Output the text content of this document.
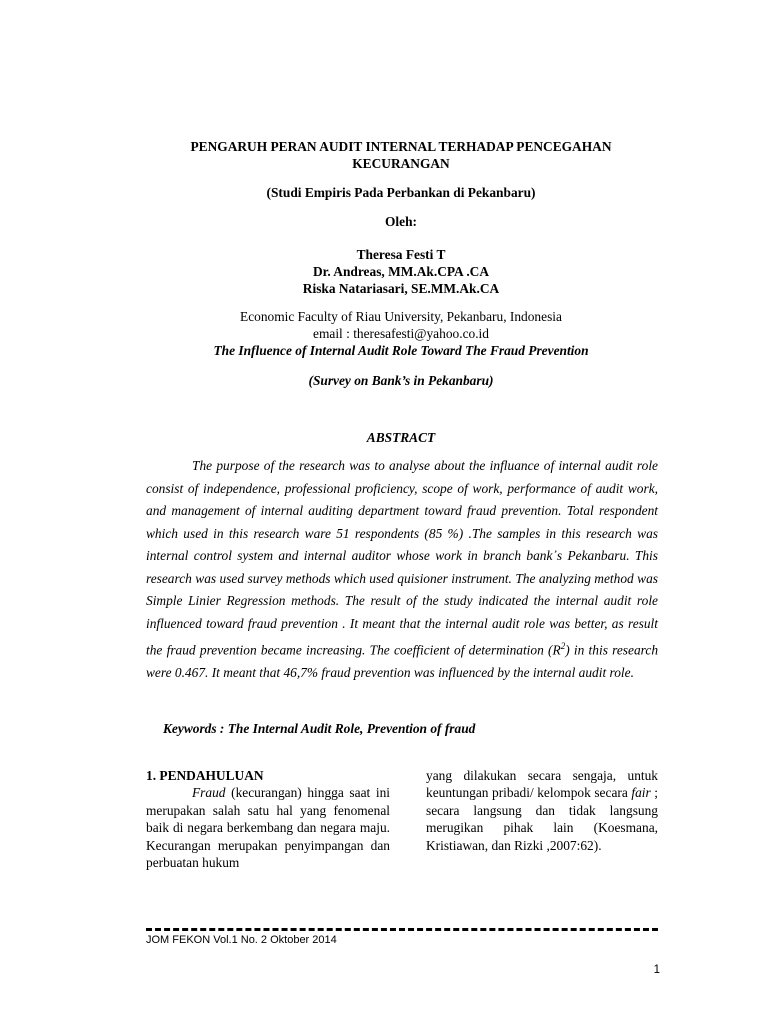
PENGARUH PERAN AUDIT INTERNAL TERHADAP PENCEGAHAN
KECURANGAN
(Studi Empiris Pada Perbankan di Pekanbaru)
Oleh:
Theresa Festi T
Dr. Andreas, MM.Ak.CPA .CA
Riska Natariasari, SE.MM.Ak.CA
Economic Faculty of Riau University, Pekanbaru, Indonesia
email : theresafesti@yahoo.co.id
The Influence of Internal Audit Role Toward The Fraud Prevention
(Survey on Bank’s in Pekanbaru)
ABSTRACT

The purpose of the research was to analyse about the influance of internal audit role consist of independence, professional proficiency, scope of work, performance of audit work, and management of internal auditing department toward fraud prevention. Total respondent which used in this research ware 51 respondents (85 %) .The samples in this research was internal control system and internal auditor whose work in branch bank᾽s Pekanbaru. This research was used survey methods which used quisioner instrument. The analyzing method was Simple Linier Regression methods. The result of the study indicated the internal audit role influenced toward fraud prevention . It meant that the internal audit role was better, as result the fraud prevention became increasing. The coefficient of determination $(R^2)$ in this research were 0.467. It meant that 46,7% fraud prevention was influenced by the internal audit role.

Keywords : The Internal Audit Role, Prevention of fraud

1. PENDAHULUAN

Fraud (kecurangan) hingga saat ini merupakan salah satu hal yang fenomenal baik di negara berkembang dan negara maju. Kecurangan merupakan penyimpangan dan perbuatan hukum

yang dilakukan secara sengaja, untuk keuntungan pribadi/ kelompok secara fair ; secara langsung dan tidak langsung merugikan pihak lain (Koesmana, Kristiawan, dan Rizki ,2007:62).

JOM FEKON Vol.1 No. 2 Oktober 2014
1
